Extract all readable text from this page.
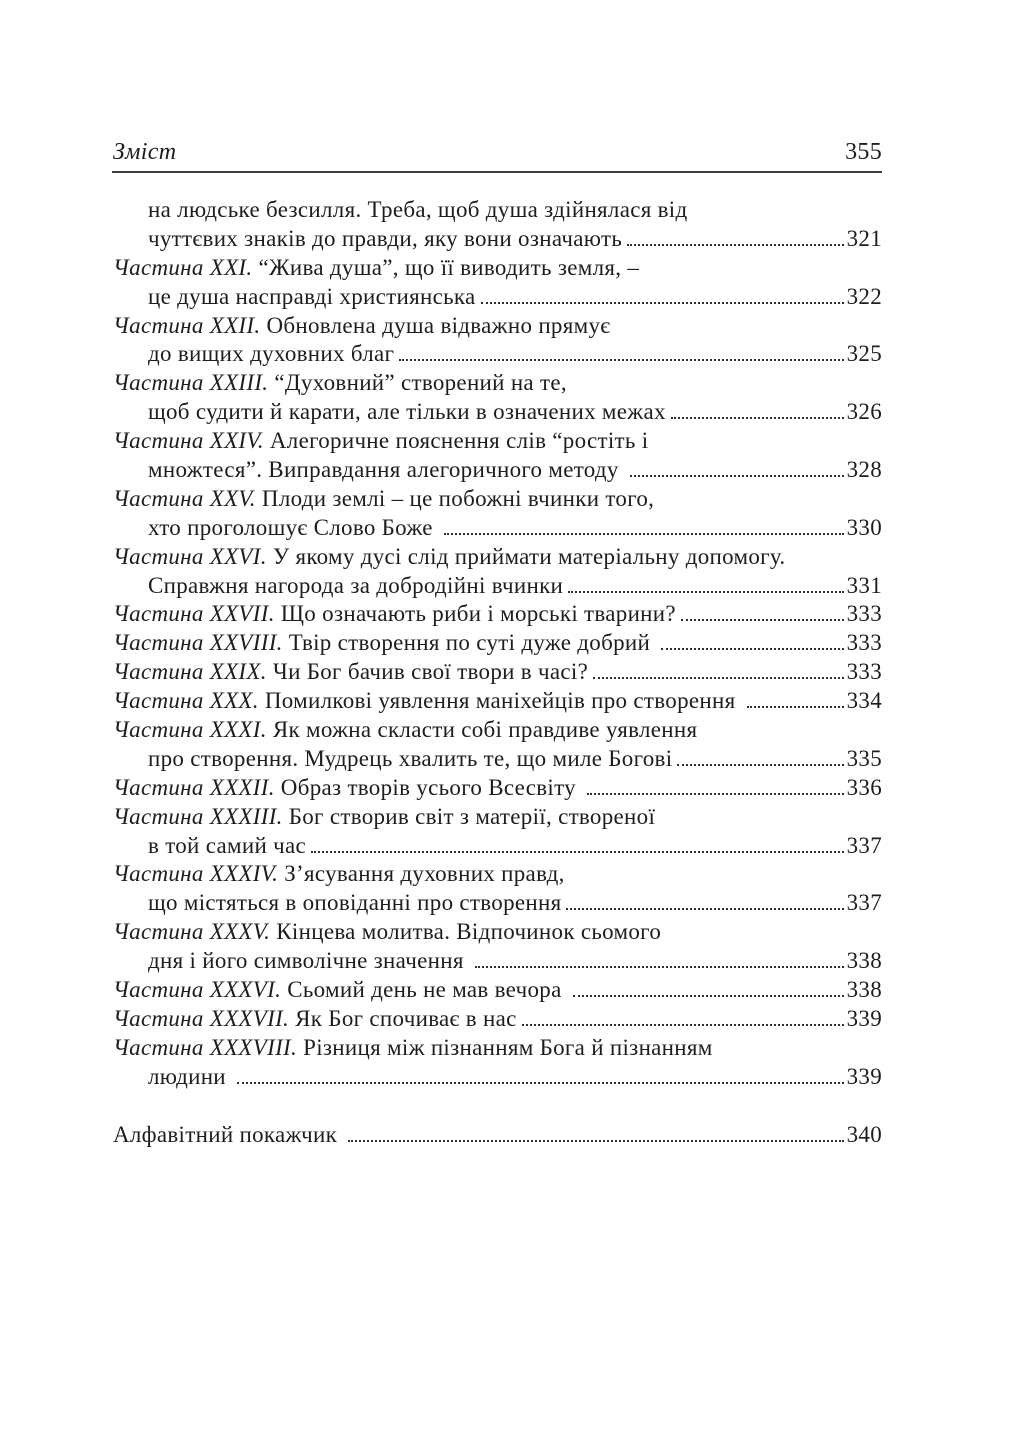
Зміст	355
на людське безсилля. Треба, щоб душа здійнялася від
чуттєвих знаків до правди, яку вони означають	321
Частина XXI. “Жива душа”, що її виводить земля, –
це душа насправді християнська	322
Частина XXII. Обновлена душа відважно прямує
до вищих духовних благ	325
Частина XXIII. “Духовний” створений на те,
щоб судити й карати, але тільки в означених межах	326
Частина XXIV. Алегоричне пояснення слів “ростіть і
множтеся”. Виправдання алегоричного методу	328
Частина XXV. Плоди землі – це побожні вчинки того,
хто проголошує Слово Боже	330
Частина XXVI. У якому дусі слід приймати матеріальну допомогу.
Справжня нагорода за добродійні вчинки	331
Частина XXVII. Що означають риби і морські тварини?	333
Частина XXVIII. Твір створення по суті дуже добрий	333
Частина XXIX. Чи Бог бачив свої твори в часі?	333
Частина XXX. Помилкові уявлення маніхейців про створення	334
Частина XXXI. Як можна скласти собі правдиве уявлення
про створення. Мудрець хвалить те, що миле Богові	335
Частина XXXII. Образ творів усього Всесвіту	336
Частина XXXIII. Бог створив світ з матерії, створеної
в той самий час	337
Частина XXXIV. З’ясування духовних правд,
що містяться в оповіданні про створення	337
Частина XXXV. Кінцева молитва. Відпочинок сьомого
дня і його символічне значення	338
Частина XXXVI. Сьомий день не мав вечора	338
Частина XXXVII. Як Бог спочиває в нас	339
Частина XXXVIII. Різниця між пізнанням Бога й пізнанням
людини	339
Алфавітний покажчик	340
